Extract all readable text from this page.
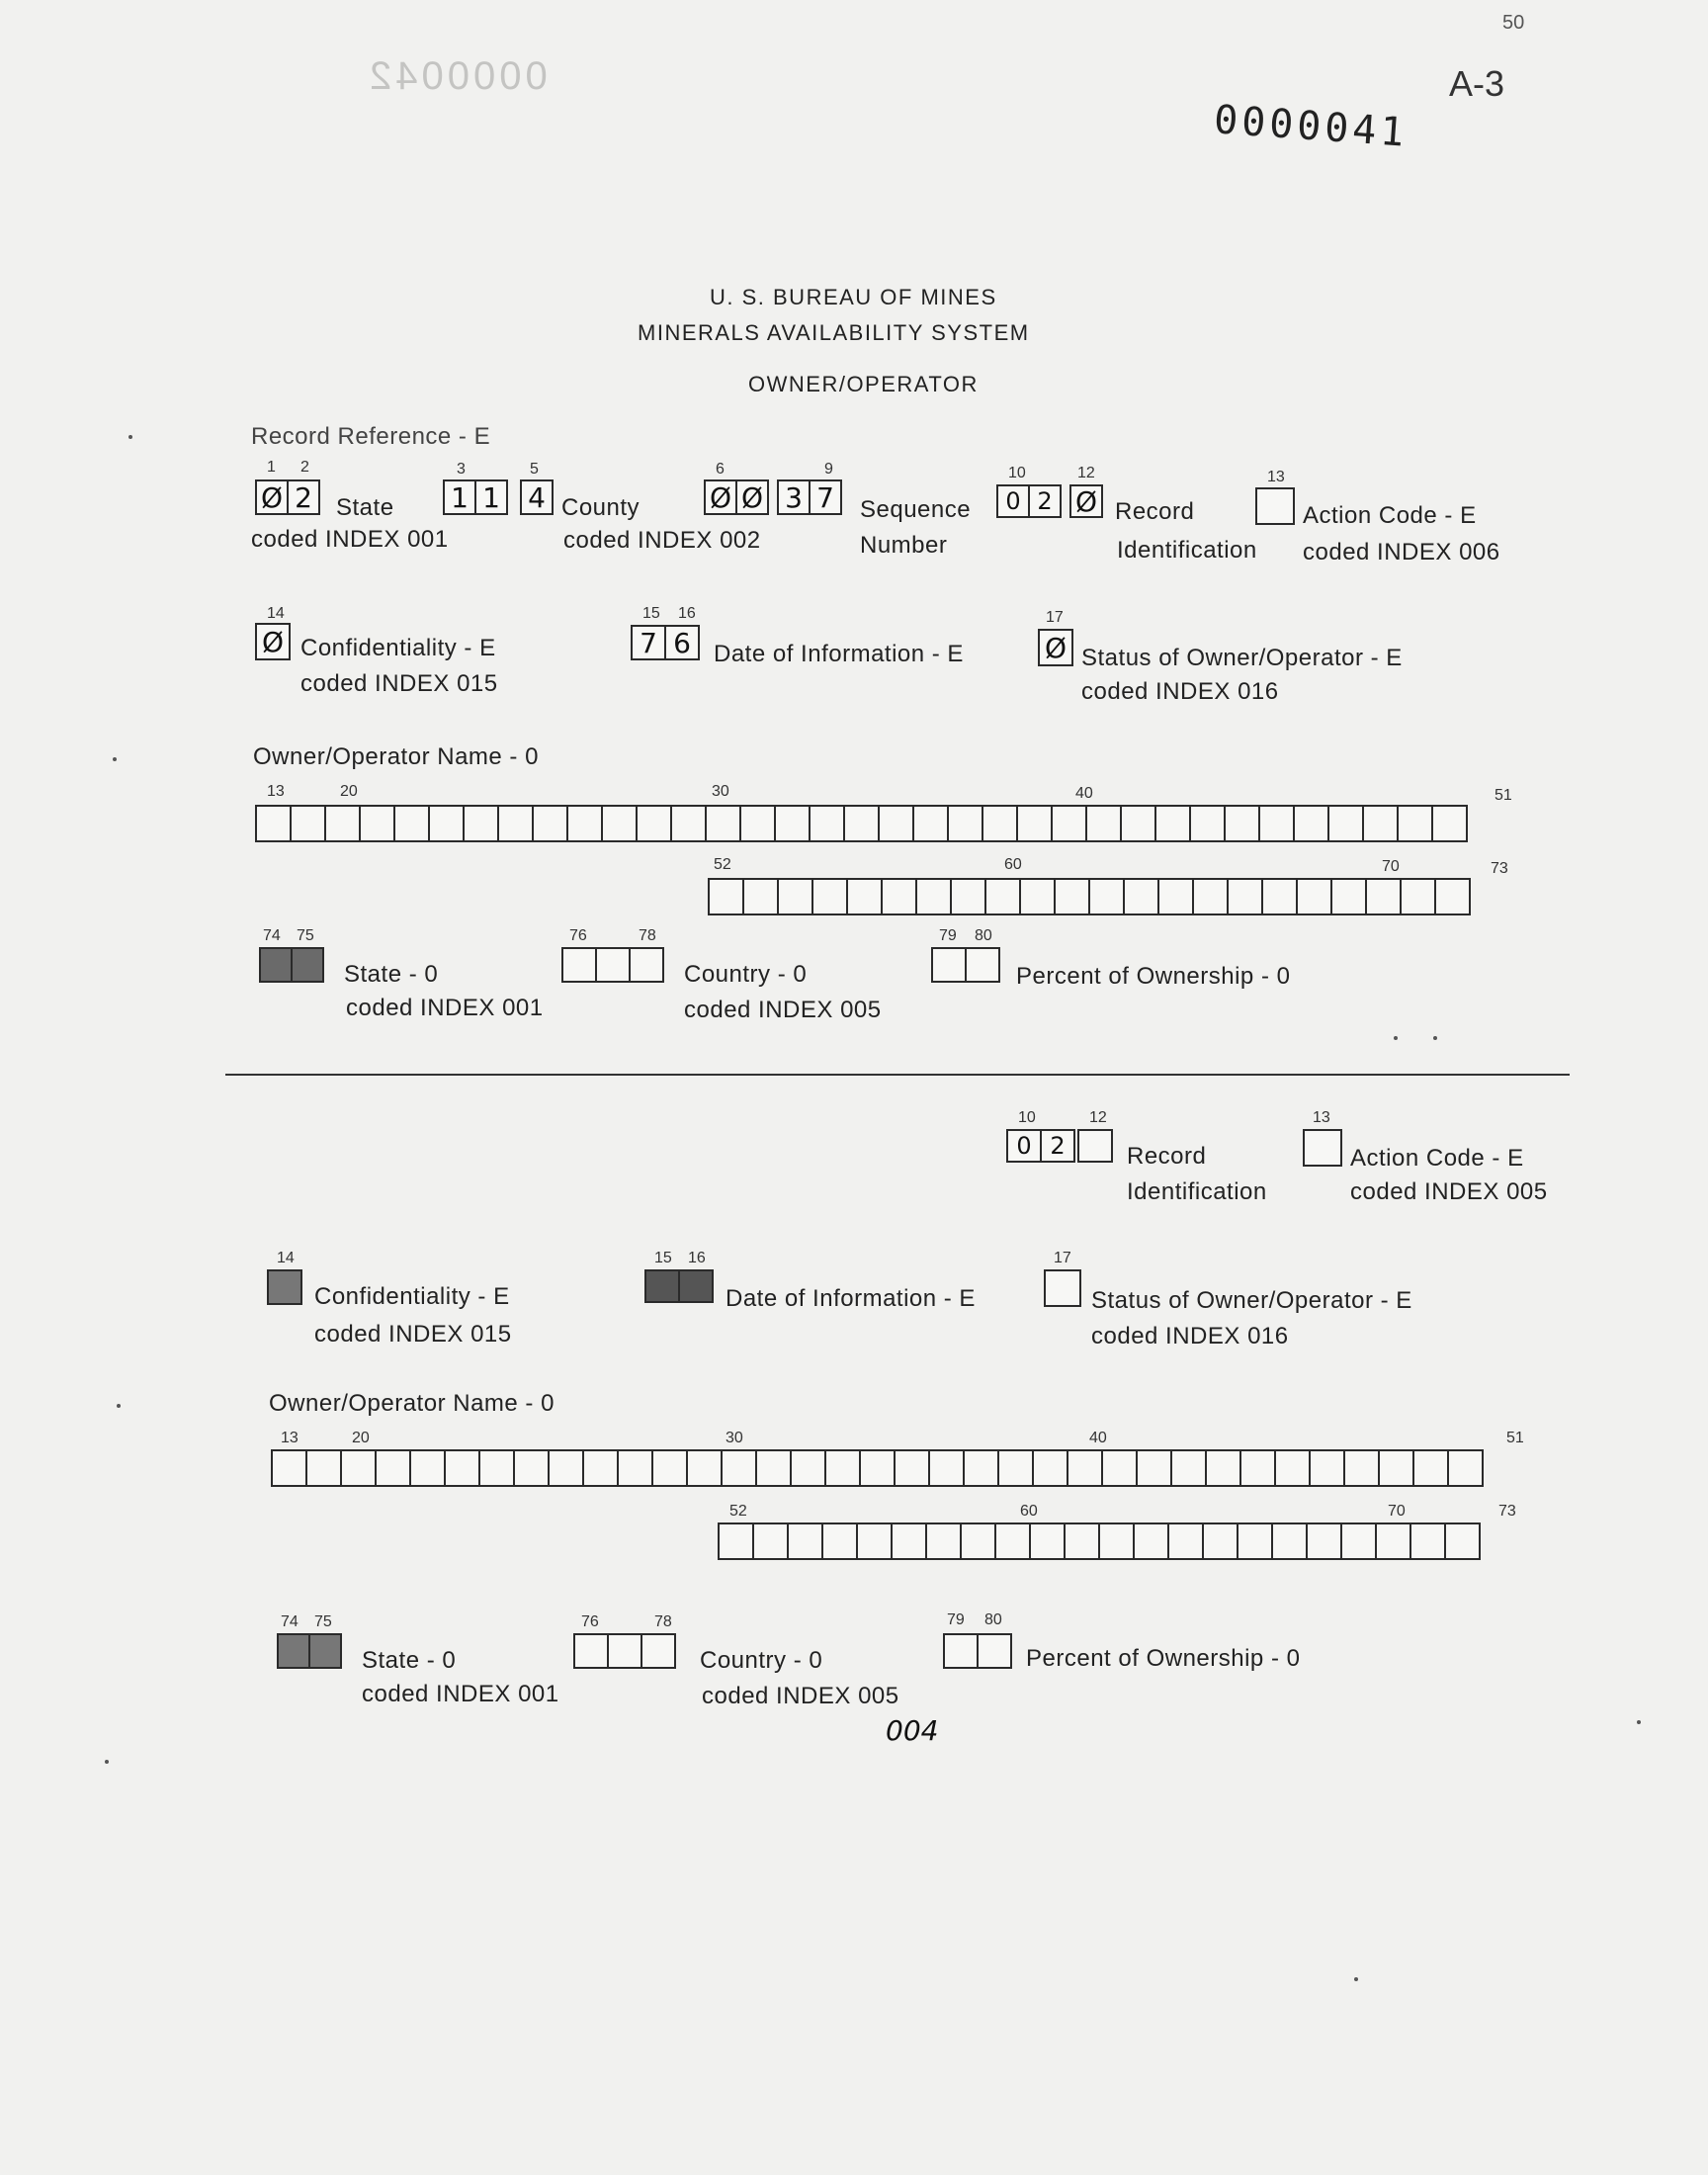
50
A-3
0000042
0000041
U. S. BUREAU OF MINES
MINERALS AVAILABILITY SYSTEM
OWNER/OPERATOR
Record Reference - E
1 2
Ø 2	State
coded INDEX 001
3	5
1 1 4 County
coded INDEX 002
6	9
Ø Ø 3 7	Sequence
Number
10	12
0 2 Ø Record
Identification
13
Action Code - E
coded INDEX 006
14
Ø Confidentiality - E
coded INDEX 015
15 16
7 6 Date of Information - E
17
Ø Status of Owner/Operator - E
coded INDEX 016
Owner/Operator Name - 0
13	20	30	40	51
52	60	70	73
74 75
State - 0
coded INDEX 001
76	78
Country - 0
coded INDEX 005
79 80
Percent of Ownership - 0
10	12
0 2	Record
Identification
13
Action Code - E
coded INDEX 005
14
Confidentiality - E
coded INDEX 015
15 16
Date of Information - E
17
Status of Owner/Operator - E
coded INDEX 016
Owner/Operator Name - 0
13	20	30	40	51
52	60	70	73
74 75
State - 0
coded INDEX 001
76	78
Country - 0
coded INDEX 005
004
79 80
Percent of Ownership - 0
